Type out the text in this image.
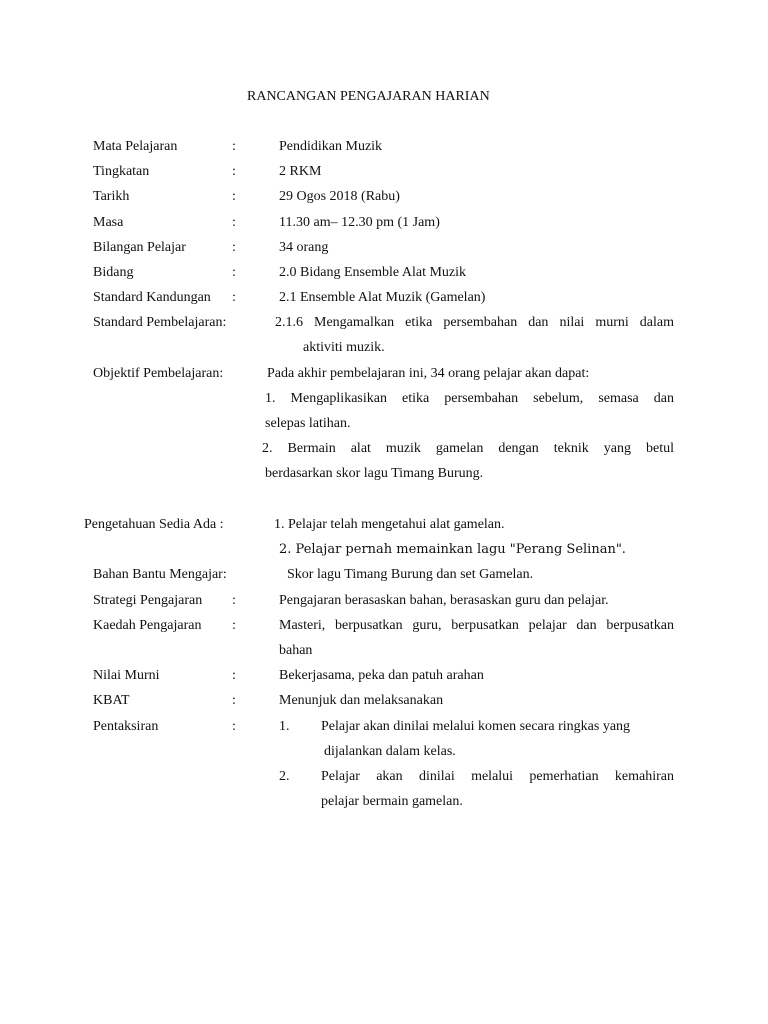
RANCANGAN PENGAJARAN HARIAN
Mata Pelajaran	:	Pendidikan Muzik
Tingkatan	:	2 RKM
Tarikh	:	29 Ogos 2018 (Rabu)
Masa	:	11.30 am– 12.30 pm (1 Jam)
Bilangan Pelajar	:	34 orang
Bidang	:	2.0 Bidang Ensemble Alat Muzik
Standard Kandungan :	2.1 Ensemble Alat Muzik (Gamelan)
Standard Pembelajaran:	2.1.6 Mengamalkan etika persembahan dan nilai murni dalam
aktiviti muzik.
Objektif Pembelajaran:	Pada akhir pembelajaran ini, 34 orang pelajar akan dapat:
1. Mengaplikasikan etika persembahan sebelum, semasa dan
selepas latihan.
2. Bermain alat muzik gamelan dengan teknik yang betul
berdasarkan skor lagu Timang Burung.
Pengetahuan Sedia Ada :	1. Pelajar telah mengetahui alat gamelan.
2. Pelajar pernah memainkan lagu "Perang Selinan".
Bahan Bantu Mengajar:	Skor lagu Timang Burung dan set Gamelan.
Strategi Pengajaran :	Pengajaran berasaskan bahan, berasaskan guru dan pelajar.
Kaedah Pengajaran :	Masteri, berpusatkan guru, berpusatkan pelajar dan berpusatkan
bahan
Nilai Murni	:	Bekerjasama, peka dan patuh arahan
KBAT	:	Menunjuk dan melaksanakan
Pentaksiran	:	1. Pelajar akan dinilai melalui komen secara ringkas yang
dijalankan dalam kelas.
2. Pelajar akan dinilai melalui pemerhatian kemahiran
pelajar bermain gamelan.
